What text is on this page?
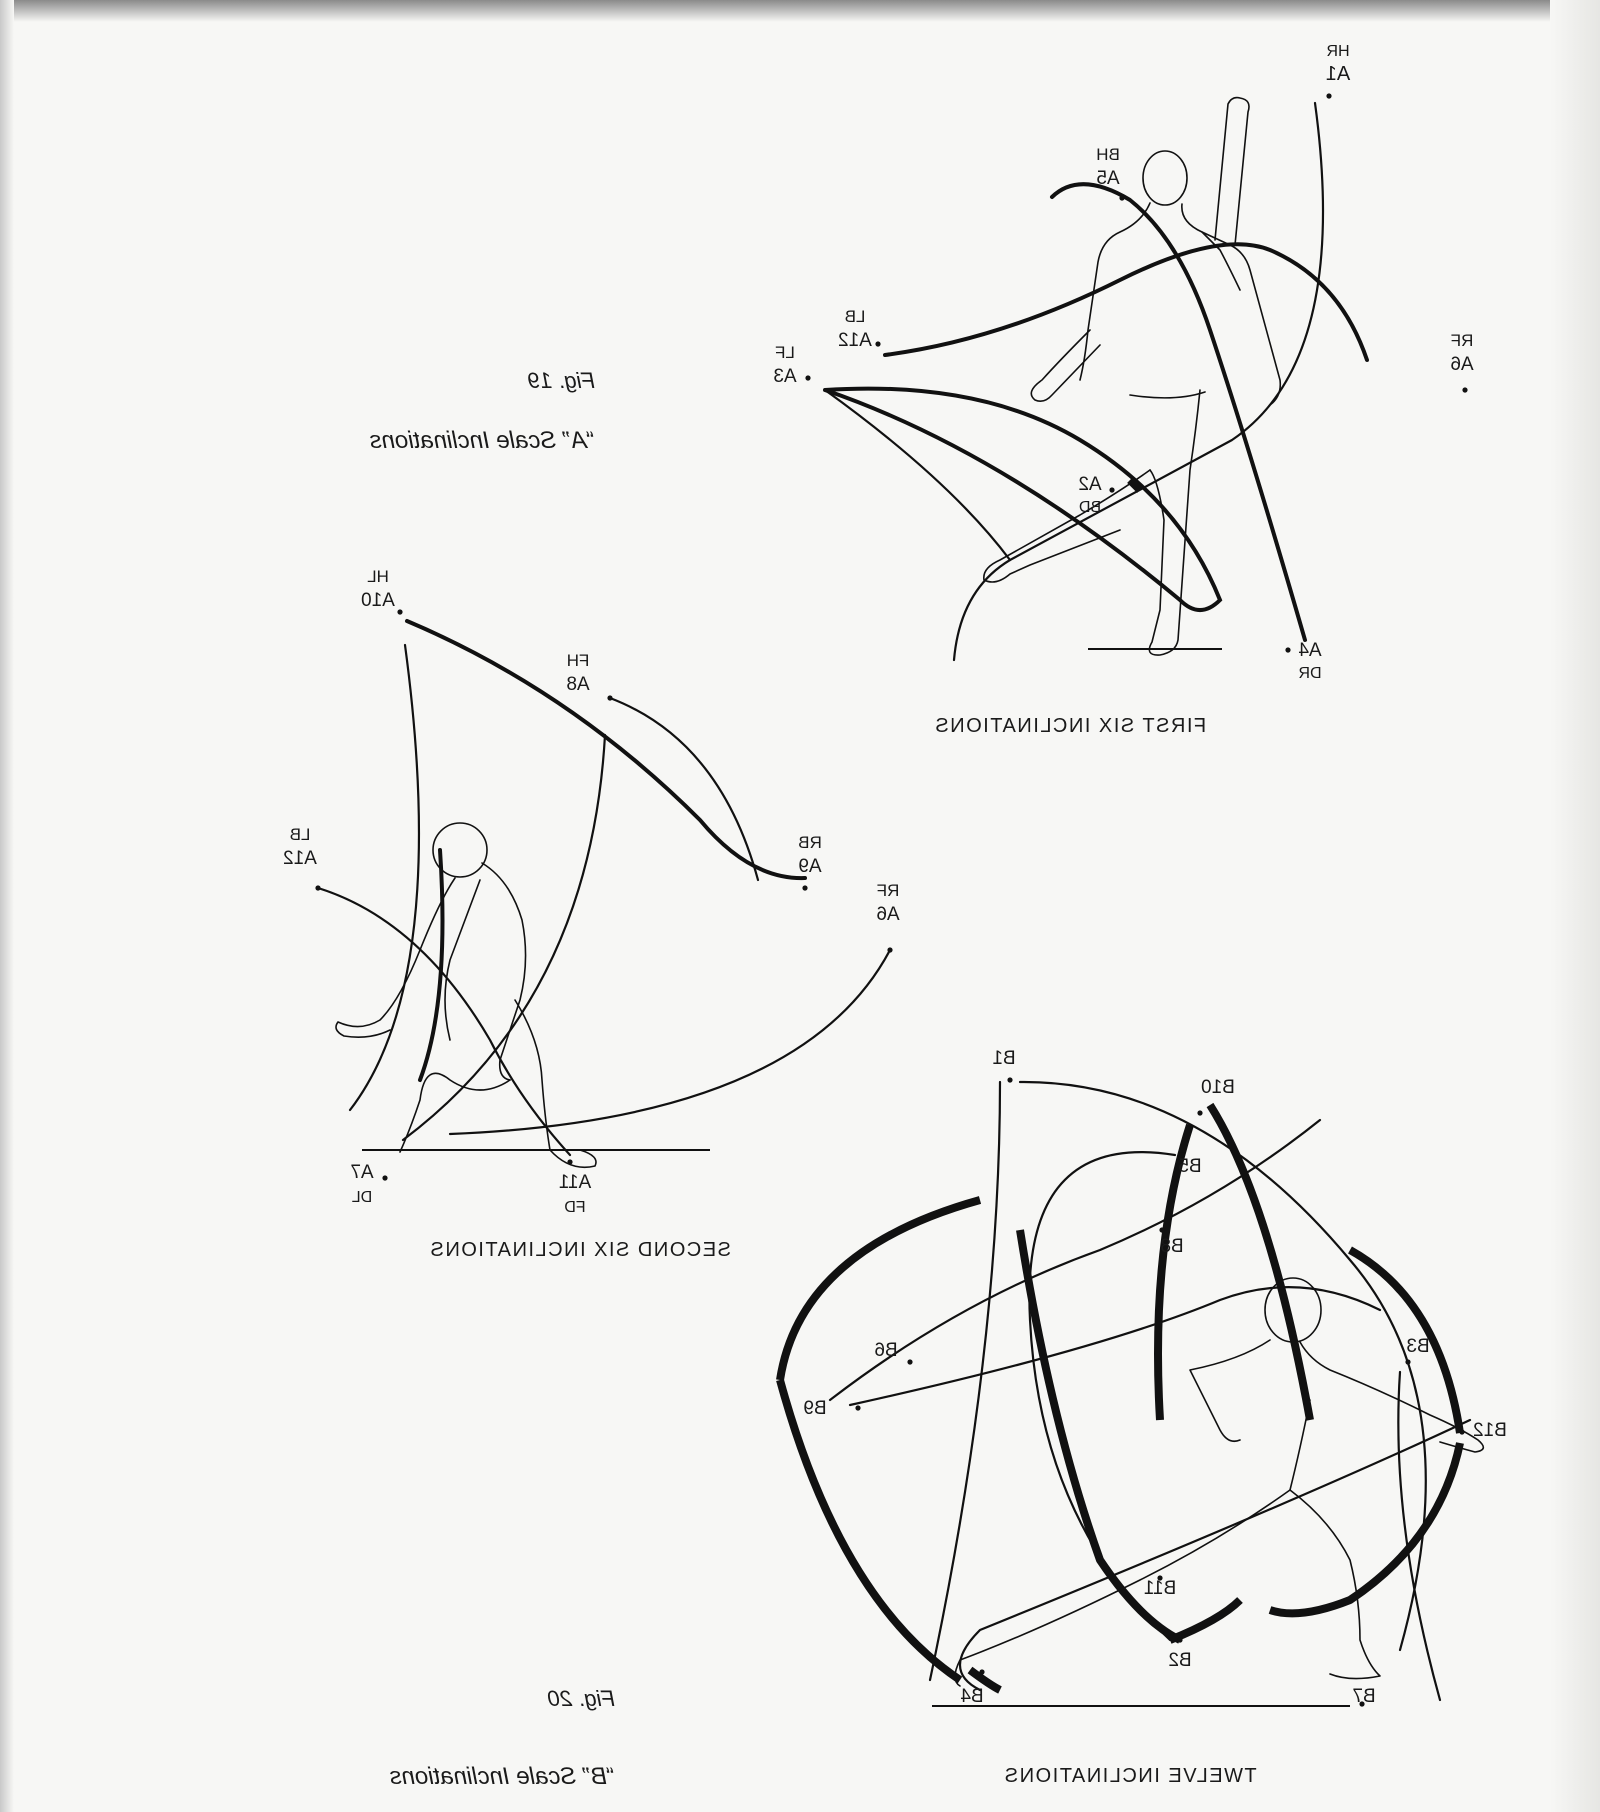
HR
A1
BH
A5
LB
A12
LF
A3
RF
A6
A2
BD
A4
DR
FIRST SIX INCLINATIONS
Fig. 19
“A” Scale Inclinations
HL
A10
FH
A8
LB
A12
RB
A9
RF
A6
A7
DL
A11
FD
SECOND SIX INCLINATIONS
B1
B10
B5
B8
B6
B9
B3
B12
B11
B2
B4	B7
TWELVE INCLINATIONS
Fig. 20
“B” Scale Inclinations
